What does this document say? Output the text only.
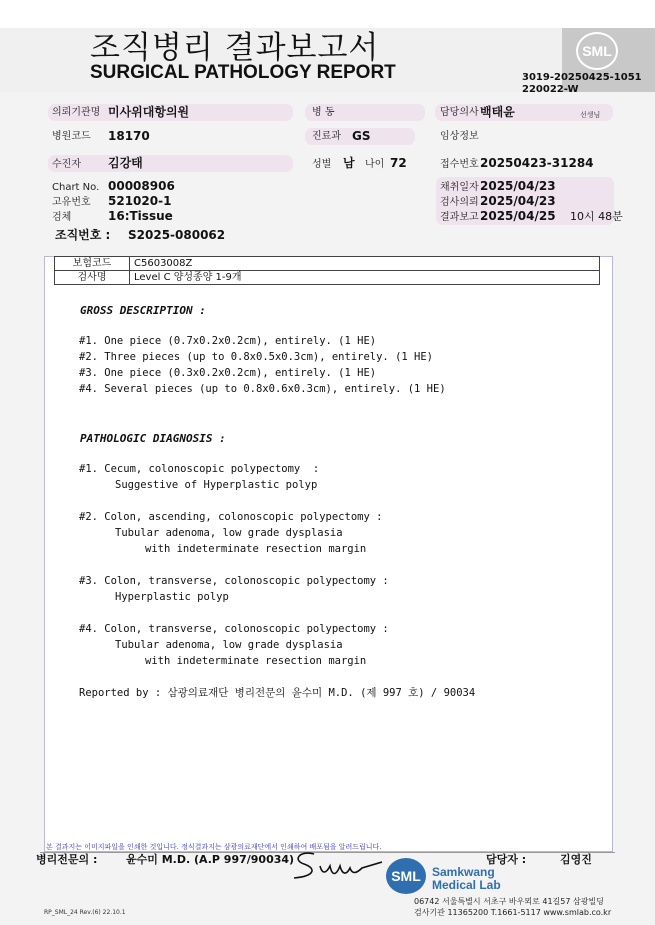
조직병리 결과보고서
SURGICAL PATHOLOGY REPORT
SML
3019-20250425-1051
220022-W
의뢰기관명 미사위대항의원	병 동	담당의사 백태윤	선생님
병원코드 18170	진료과 GS	임상정보
수진자 김강태	성별 남 나이 72	접수번호 20250423-31284
Chart No. 00008906
고유번호 521020-1
검체	16:Tissue
조직번호 : S2025-080062
채취일자 2025/04/23
검사의뢰 2025/04/23
결과보고 2025/04/25 10시 48분
보험코드	C5603008Z
검사명	Level C 양성종양 1-9개
GROSS DESCRIPTION :
#1. One piece (0.7x0.2x0.2cm), entirely. (1 HE)
#2. Three pieces (up to 0.8x0.5x0.3cm), entirely. (1 HE)
#3. One piece (0.3x0.2x0.2cm), entirely. (1 HE)
#4. Several pieces (up to 0.8x0.6x0.3cm), entirely. (1 HE)
PATHOLOGIC DIAGNOSIS :
#1. Cecum, colonoscopic polypectomy  :
Suggestive of Hyperplastic polyp
#2. Colon, ascending, colonoscopic polypectomy :
Tubular adenoma, low grade dysplasia
with indeterminate resection margin
#3. Colon, transverse, colonoscopic polypectomy :
Hyperplastic polyp
#4. Colon, transverse, colonoscopic polypectomy :
Tubular adenoma, low grade dysplasia
with indeterminate resection margin
Reported by : 삼광의료재단 병리전문의 윤수미 M.D. (제 997 호) / 90034
본 결과지는 이미지파일을 인쇄한 것입니다. 정식결과지는 삼광의료재단에서 인쇄하여 배포됨을 알려드립니다.
병리전문의 :	윤수미 M.D. (A.P 997/90034)	담당자 :	김영진
SML Samkwang
Medical Lab
06742 서울특별시 서초구 바우뫼로 41길57 삼광빌딩
검사기관 11365200 T.1661-5117 www.smlab.co.kr
RP_SML_24 Rev.(6) 22.10.1
